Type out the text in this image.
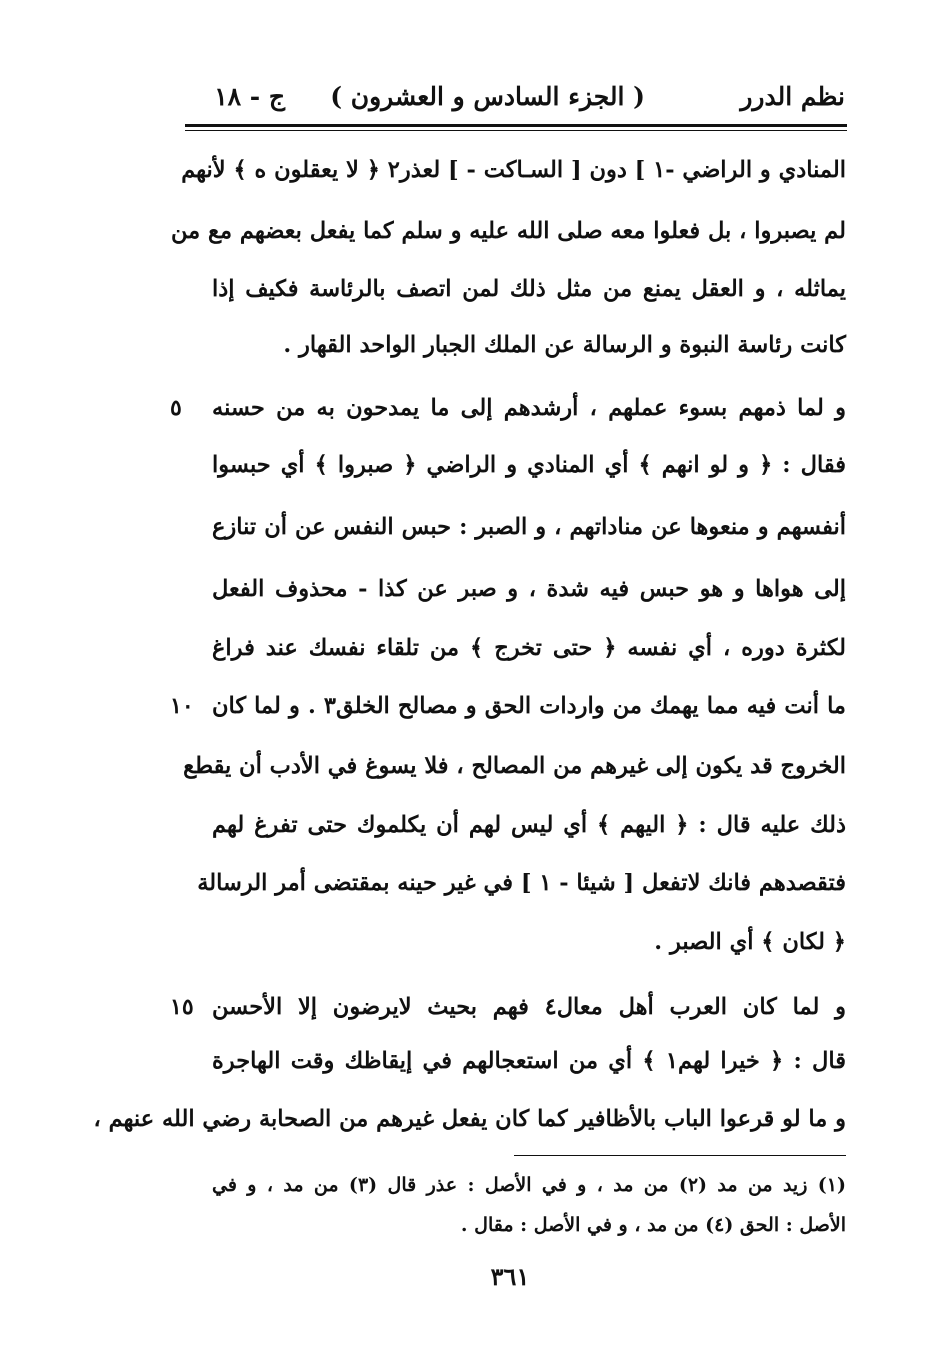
نظم الدرر
( الجزء السادس و العشرون )
ج - ١٨
المنادي و الراضي -١ ] دون [ السـاكت - ] لعذر٢ ﴿ لا يعقلون ه ﴾ لأنهم
لم يصبروا ، بل فعلوا معه صلى الله عليه و سلم كما يفعل بعضهم مع من
يماثله ، و العقل يمنع من مثل ذلك لمن اتصف بالرئاسة فكيف إذا
كانت رئاسة النبوة و الرسالة عن الملك الجبار الواحد القهار .
و لما ذمهم بسوء عملهم ، أرشدهم إلى ما يمدحون به من حسنه
٥
فقال : ﴿ و لو انهم ﴾ أي المنادي و الراضي ﴿ صبروا ﴾ أي حبسوا
أنفسهم و منعوها عن مناداتهم ، و الصبر : حبس النفس عن أن تنازع
إلى هواها و هو حبس فيه شدة ، و صبر عن كذا - محذوف الفعل
لكثرة دوره ، أي نفسه ﴿ حتى تخرج ﴾ من تلقاء نفسك عند فراغ
ما أنت فيه مما يهمك من واردات الحق و مصالح الخلق٣ . و لما كان
١٠
الخروج قد يكون إلى غيرهم من المصالح ، فلا يسوغ في الأدب أن يقطع
ذلك عليه قال : ﴿ اليهم ﴾ أي ليس لهم أن يكلموك حتى تفرغ لهم
فتقصدهم فانك لاتفعل [ شيئا - ١ ] في غير حينه بمقتضى أمر الرسالة
﴿ لكان ﴾ أي الصبر .
و لما كان العرب أهل معال٤ فهم بحيث لايرضون إلا الأحسن
١٥
قال : ﴿ خيرا لهم١ ﴾ أي من استعجالهم في إيقاظك وقت الهاجرة
و ما لو قرعوا الباب بالأظافير كما كان يفعل غيرهم من الصحابة رضي الله عنهم ،
(١) زيد من مد (٢) من مد ، و في الأصل : عذر قال (٣) من مد ، و في
الأصل : الحق (٤) من مد ، و في الأصل : مقال .
٣٦١
